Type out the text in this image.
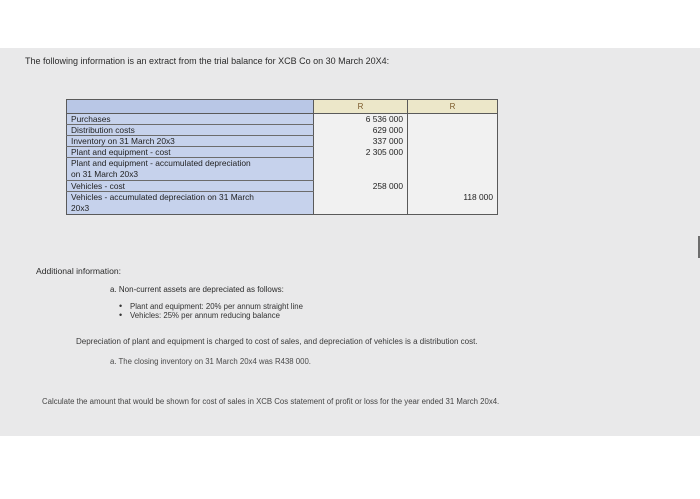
The following information is an extract from the trial balance for XCB Co on 30 March 20X4:
	R	R
Purchases	6 536 000	
Distribution costs	629 000	
Inventory on 31 March 20x3	337 000	
Plant and equipment - cost	2 305 000	
Plant and equipment - accumulated depreciation
on 31 March 20x3		
Vehicles - cost	258 000	
Vehicles - accumulated depreciation on 31 March
20x3		118 000
Additional information:
a. Non-current assets are depreciated as follows:
• Plant and equipment: 20% per annum straight line
• Vehicles: 25% per annum reducing balance
Depreciation of plant and equipment is charged to cost of sales, and depreciation of vehicles is a distribution cost.
a. The closing inventory on 31 March 20x4 was R438 000.
Calculate the amount that would be shown for cost of sales in XCB Cos statement of profit or loss for the year ended 31 March 20x4.
